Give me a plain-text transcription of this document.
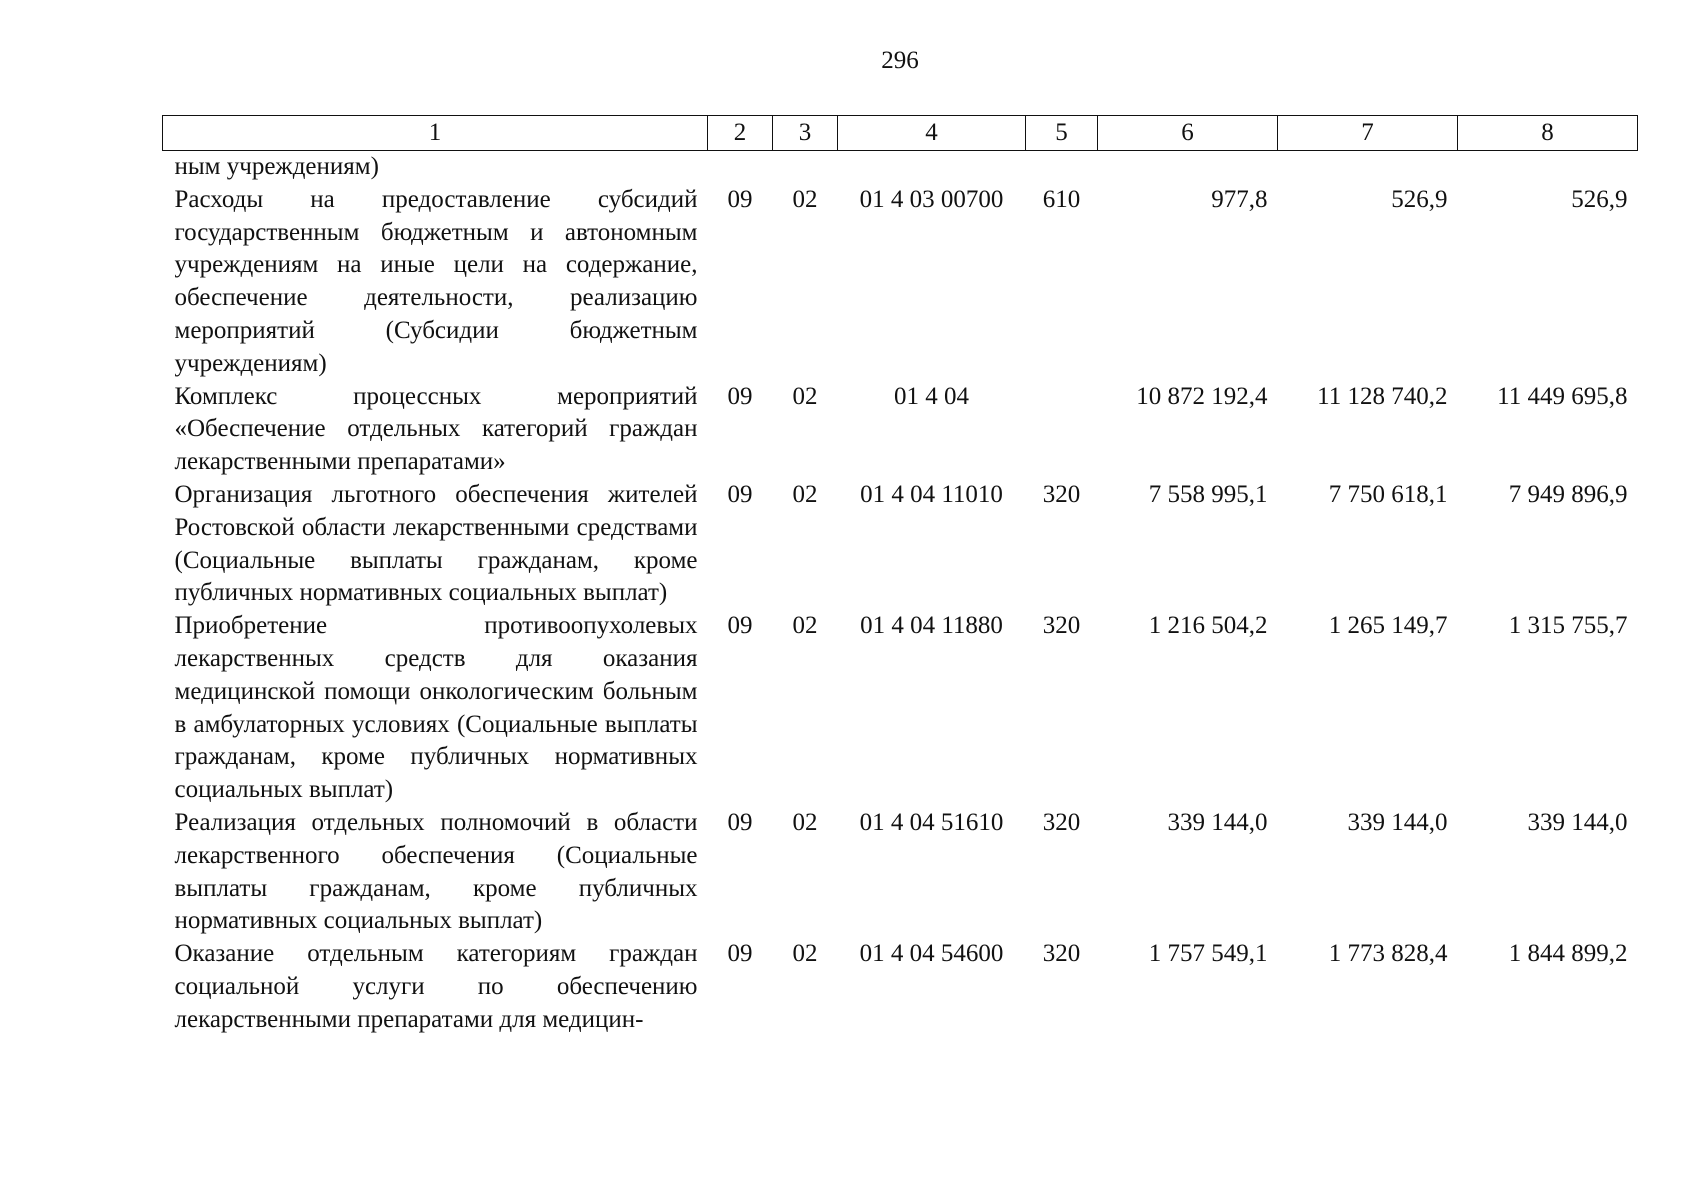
296
1	2	3	4	5	6	7	8
ным учреждениям)							
Расходы на предоставление субсидий государственным бюджетным и автономным учреждениям на иные цели на содержание, обеспечение деятельности, реализацию мероприятий (Субсидии бюджетным учреждениям)	09	02	01 4 03 00700	610	977,8	526,9	526,9
Комплекс процессных мероприятий «Обеспечение отдельных категорий граждан лекарственными препаратами»	09	02	01 4 04		10 872 192,4	11 128 740,2	11 449 695,8
Организация льготного обеспечения жителей Ростовской области лекарственными средствами (Социальные выплаты гражданам, кроме публичных нормативных социальных выплат)	09	02	01 4 04 11010	320	7 558 995,1	7 750 618,1	7 949 896,9
Приобретение противоопухолевых лекарственных средств для оказания медицинской помощи онкологическим больным в амбулаторных условиях (Социальные выплаты гражданам, кроме публичных нормативных социальных выплат)	09	02	01 4 04 11880	320	1 216 504,2	1 265 149,7	1 315 755,7
Реализация отдельных полномочий в области лекарственного обеспечения (Социальные выплаты гражданам, кроме публичных нормативных социальных выплат)	09	02	01 4 04 51610	320	339 144,0	339 144,0	339 144,0
Оказание отдельным категориям граждан социальной услуги по обеспечению лекарственными препаратами для медицин-	09	02	01 4 04 54600	320	1 757 549,1	1 773 828,4	1 844 899,2
